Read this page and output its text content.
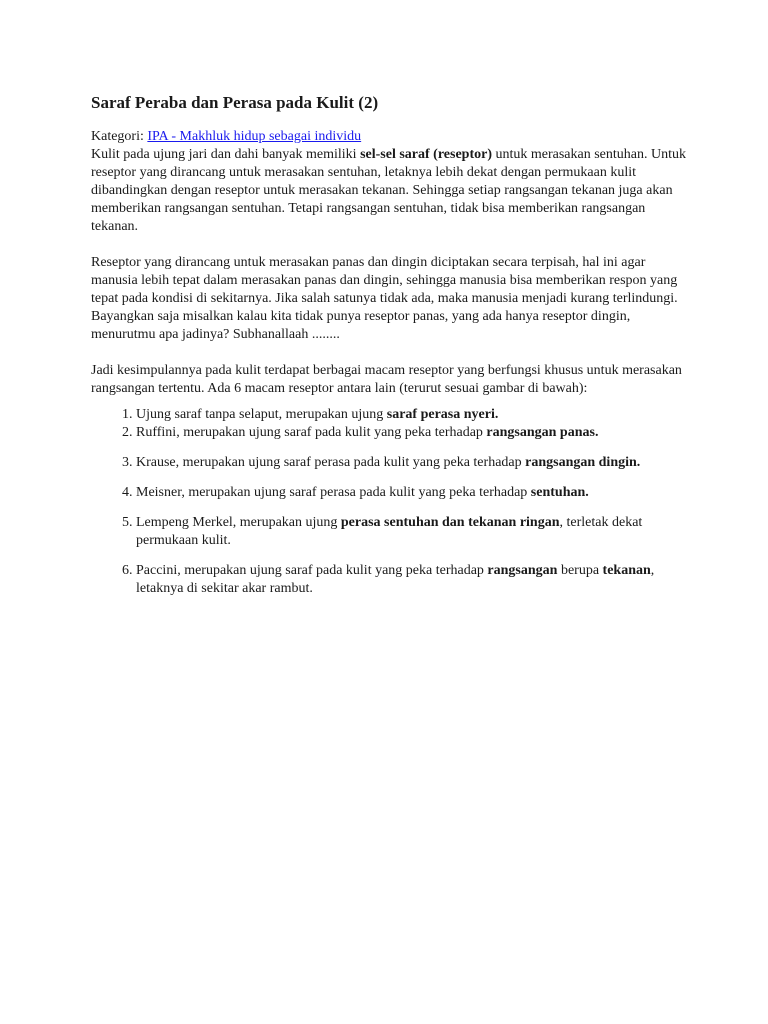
Saraf Peraba dan Perasa pada Kulit (2)

Kategori: IPA - Makhluk hidup sebagai individu

Kulit pada ujung jari dan dahi banyak memiliki sel-sel saraf (reseptor) untuk merasakan sentuhan. Untuk reseptor yang dirancang untuk merasakan sentuhan, letaknya lebih dekat dengan permukaan kulit dibandingkan dengan reseptor untuk merasakan tekanan. Sehingga setiap rangsangan tekanan juga akan memberikan rangsangan sentuhan. Tetapi rangsangan sentuhan, tidak bisa memberikan rangsangan tekanan.

Reseptor yang dirancang untuk merasakan panas dan dingin diciptakan secara terpisah, hal ini agar manusia lebih tepat dalam merasakan panas dan dingin, sehingga manusia bisa memberikan respon yang tepat pada kondisi di sekitarnya. Jika salah satunya tidak ada, maka manusia menjadi kurang terlindungi. Bayangkan saja misalkan kalau kita tidak punya reseptor panas, yang ada hanya reseptor dingin, menurutmu apa jadinya? Subhanallaah ........

Jadi kesimpulannya pada kulit terdapat berbagai macam reseptor yang berfungsi khusus untuk merasakan rangsangan tertentu. Ada 6 macam reseptor antara lain (terurut sesuai gambar di bawah):

1. Ujung saraf tanpa selaput, merupakan ujung saraf perasa nyeri.
2. Ruffini, merupakan ujung saraf pada kulit yang peka terhadap rangsangan panas.
3. Krause, merupakan ujung saraf perasa pada kulit yang peka terhadap rangsangan dingin.
4. Meisner, merupakan ujung saraf perasa pada kulit yang peka terhadap sentuhan.
5. Lempeng Merkel, merupakan ujung perasa sentuhan dan tekanan ringan, terletak dekat permukaan kulit.
6. Paccini, merupakan ujung saraf pada kulit yang peka terhadap rangsangan berupa tekanan, letaknya di sekitar akar rambut.
